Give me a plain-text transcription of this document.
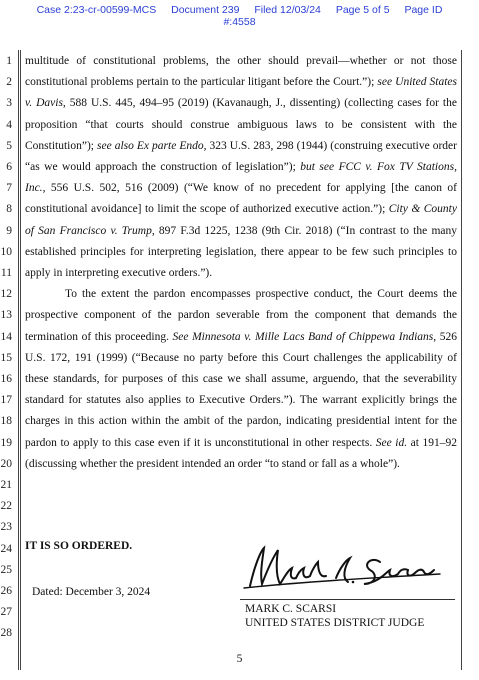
Case 2:23-cr-00599-MCS Document 239 Filed 12/03/24 Page 5 of 5 Page ID
#:4558
1
2
3
4
5
6
7
8
9
10
11
12
13
14
15
16
17
18
19
20
21
22
23
24
25
26
27
28

multitude of constitutional problems, the other should prevail—whether or not those constitutional problems pertain to the particular litigant before the Court.”); see United States v. Davis, 588 U.S. 445, 494–95 (2019) (Kavanaugh, J., dissenting) (collecting cases for the proposition “that courts should construe ambiguous laws to be consistent with the Constitution”); see also Ex parte Endo, 323 U.S. 283, 298 (1944) (construing executive order “as we would approach the construction of legislation”); but see FCC v. Fox TV Stations, Inc., 556 U.S. 502, 516 (2009) (“We know of no precedent for applying [the canon of constitutional avoidance] to limit the scope of authorized executive action.”); City & County of San Francisco v. Trump, 897 F.3d 1225, 1238 (9th Cir. 2018) (“In contrast to the many established principles for interpreting legislation, there appear to be few such principles to apply in interpreting executive orders.”).

To the extent the pardon encompasses prospective conduct, the Court deems the prospective component of the pardon severable from the component that demands the termination of this proceeding. See Minnesota v. Mille Lacs Band of Chippewa Indians, 526 U.S. 172, 191 (1999) (“Because no party before this Court challenges the applicability of these standards, for purposes of this case we shall assume, arguendo, that the severability standard for statutes also applies to Executive Orders.”). The warrant explicitly brings the charges in this action within the ambit of the pardon, indicating presidential intent for the pardon to apply to this case even if it is unconstitutional in other respects. See id. at 191–92 (discussing whether the president intended an order “to stand or fall as a whole”).

IT IS SO ORDERED.
Dated: December 3, 2024
MARK C. SCARSI
UNITED STATES DISTRICT JUDGE
5
